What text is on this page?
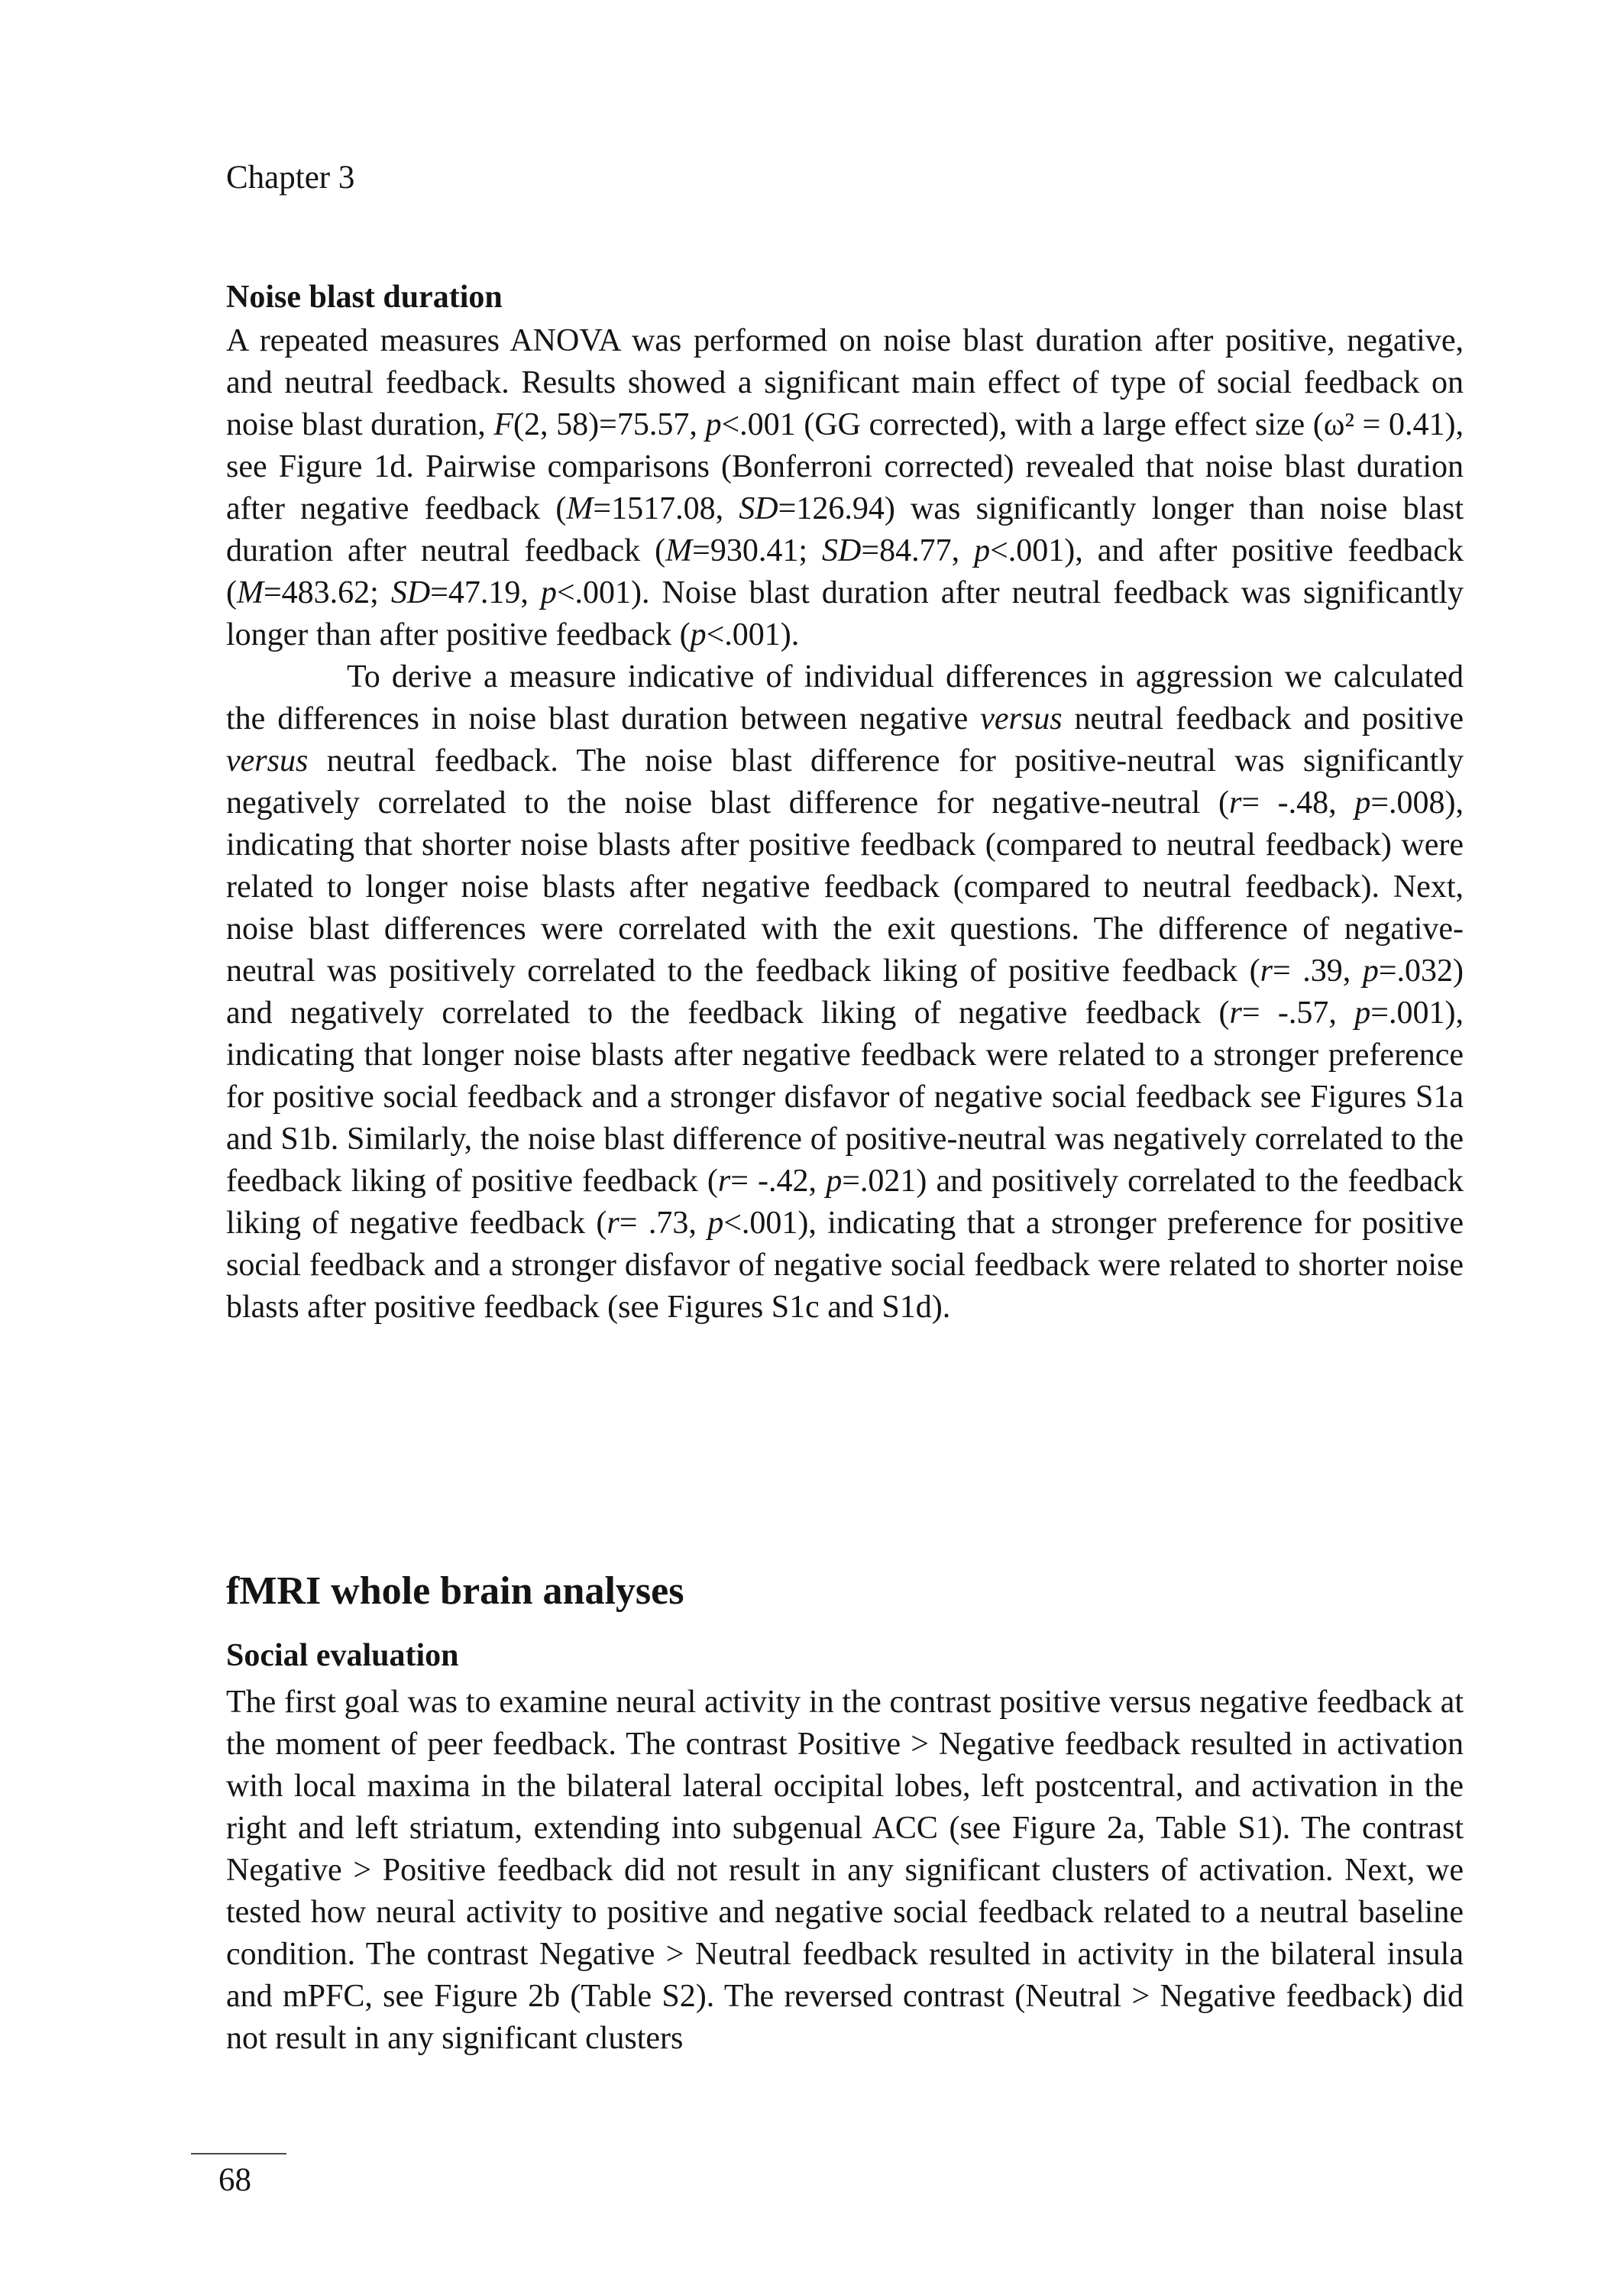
Chapter 3
Noise blast duration

A repeated measures ANOVA was performed on noise blast duration after positive, negative, and neutral feedback. Results showed a significant main effect of type of social feedback on noise blast duration, F(2, 58)=75.57, p<.001 (GG corrected), with a large effect size (ω² = 0.41), see Figure 1d. Pairwise comparisons (Bonferroni corrected) revealed that noise blast duration after negative feedback (M=1517.08, SD=126.94) was significantly longer than noise blast duration after neutral feedback (M=930.41; SD=84.77, p<.001), and after positive feedback (M=483.62; SD=47.19, p<.001). Noise blast duration after neutral feedback was significantly longer than after positive feedback (p<.001).

To derive a measure indicative of individual differences in aggression we calculated the differences in noise blast duration between negative versus neutral feedback and positive versus neutral feedback. The noise blast difference for positive-neutral was significantly negatively correlated to the noise blast difference for negative-neutral (r= -.48, p=.008), indicating that shorter noise blasts after positive feedback (compared to neutral feedback) were related to longer noise blasts after negative feedback (compared to neutral feedback). Next, noise blast differences were correlated with the exit questions. The difference of negative-neutral was positively correlated to the feedback liking of positive feedback (r= .39, p=.032) and negatively correlated to the feedback liking of negative feedback (r= -.57, p=.001), indicating that longer noise blasts after negative feedback were related to a stronger preference for positive social feedback and a stronger disfavor of negative social feedback see Figures S1a and S1b. Similarly, the noise blast difference of positive-neutral was negatively correlated to the feedback liking of positive feedback (r= -.42, p=.021) and positively correlated to the feedback liking of negative feedback (r= .73, p<.001), indicating that a stronger preference for positive social feedback and a stronger disfavor of negative social feedback were related to shorter noise blasts after positive feedback (see Figures S1c and S1d).

fMRI whole brain analyses
Social evaluation

The first goal was to examine neural activity in the contrast positive versus negative feedback at the moment of peer feedback. The contrast Positive > Negative feedback resulted in activation with local maxima in the bilateral lateral occipital lobes, left postcentral, and activation in the right and left striatum, extending into subgenual ACC (see Figure 2a, Table S1). The contrast Negative > Positive feedback did not result in any significant clusters of activation. Next, we tested how neural activity to positive and negative social feedback related to a neutral baseline condition. The contrast Negative > Neutral feedback resulted in activity in the bilateral insula and mPFC, see Figure 2b (Table S2). The reversed contrast (Neutral > Negative feedback) did not result in any significant clusters

68
